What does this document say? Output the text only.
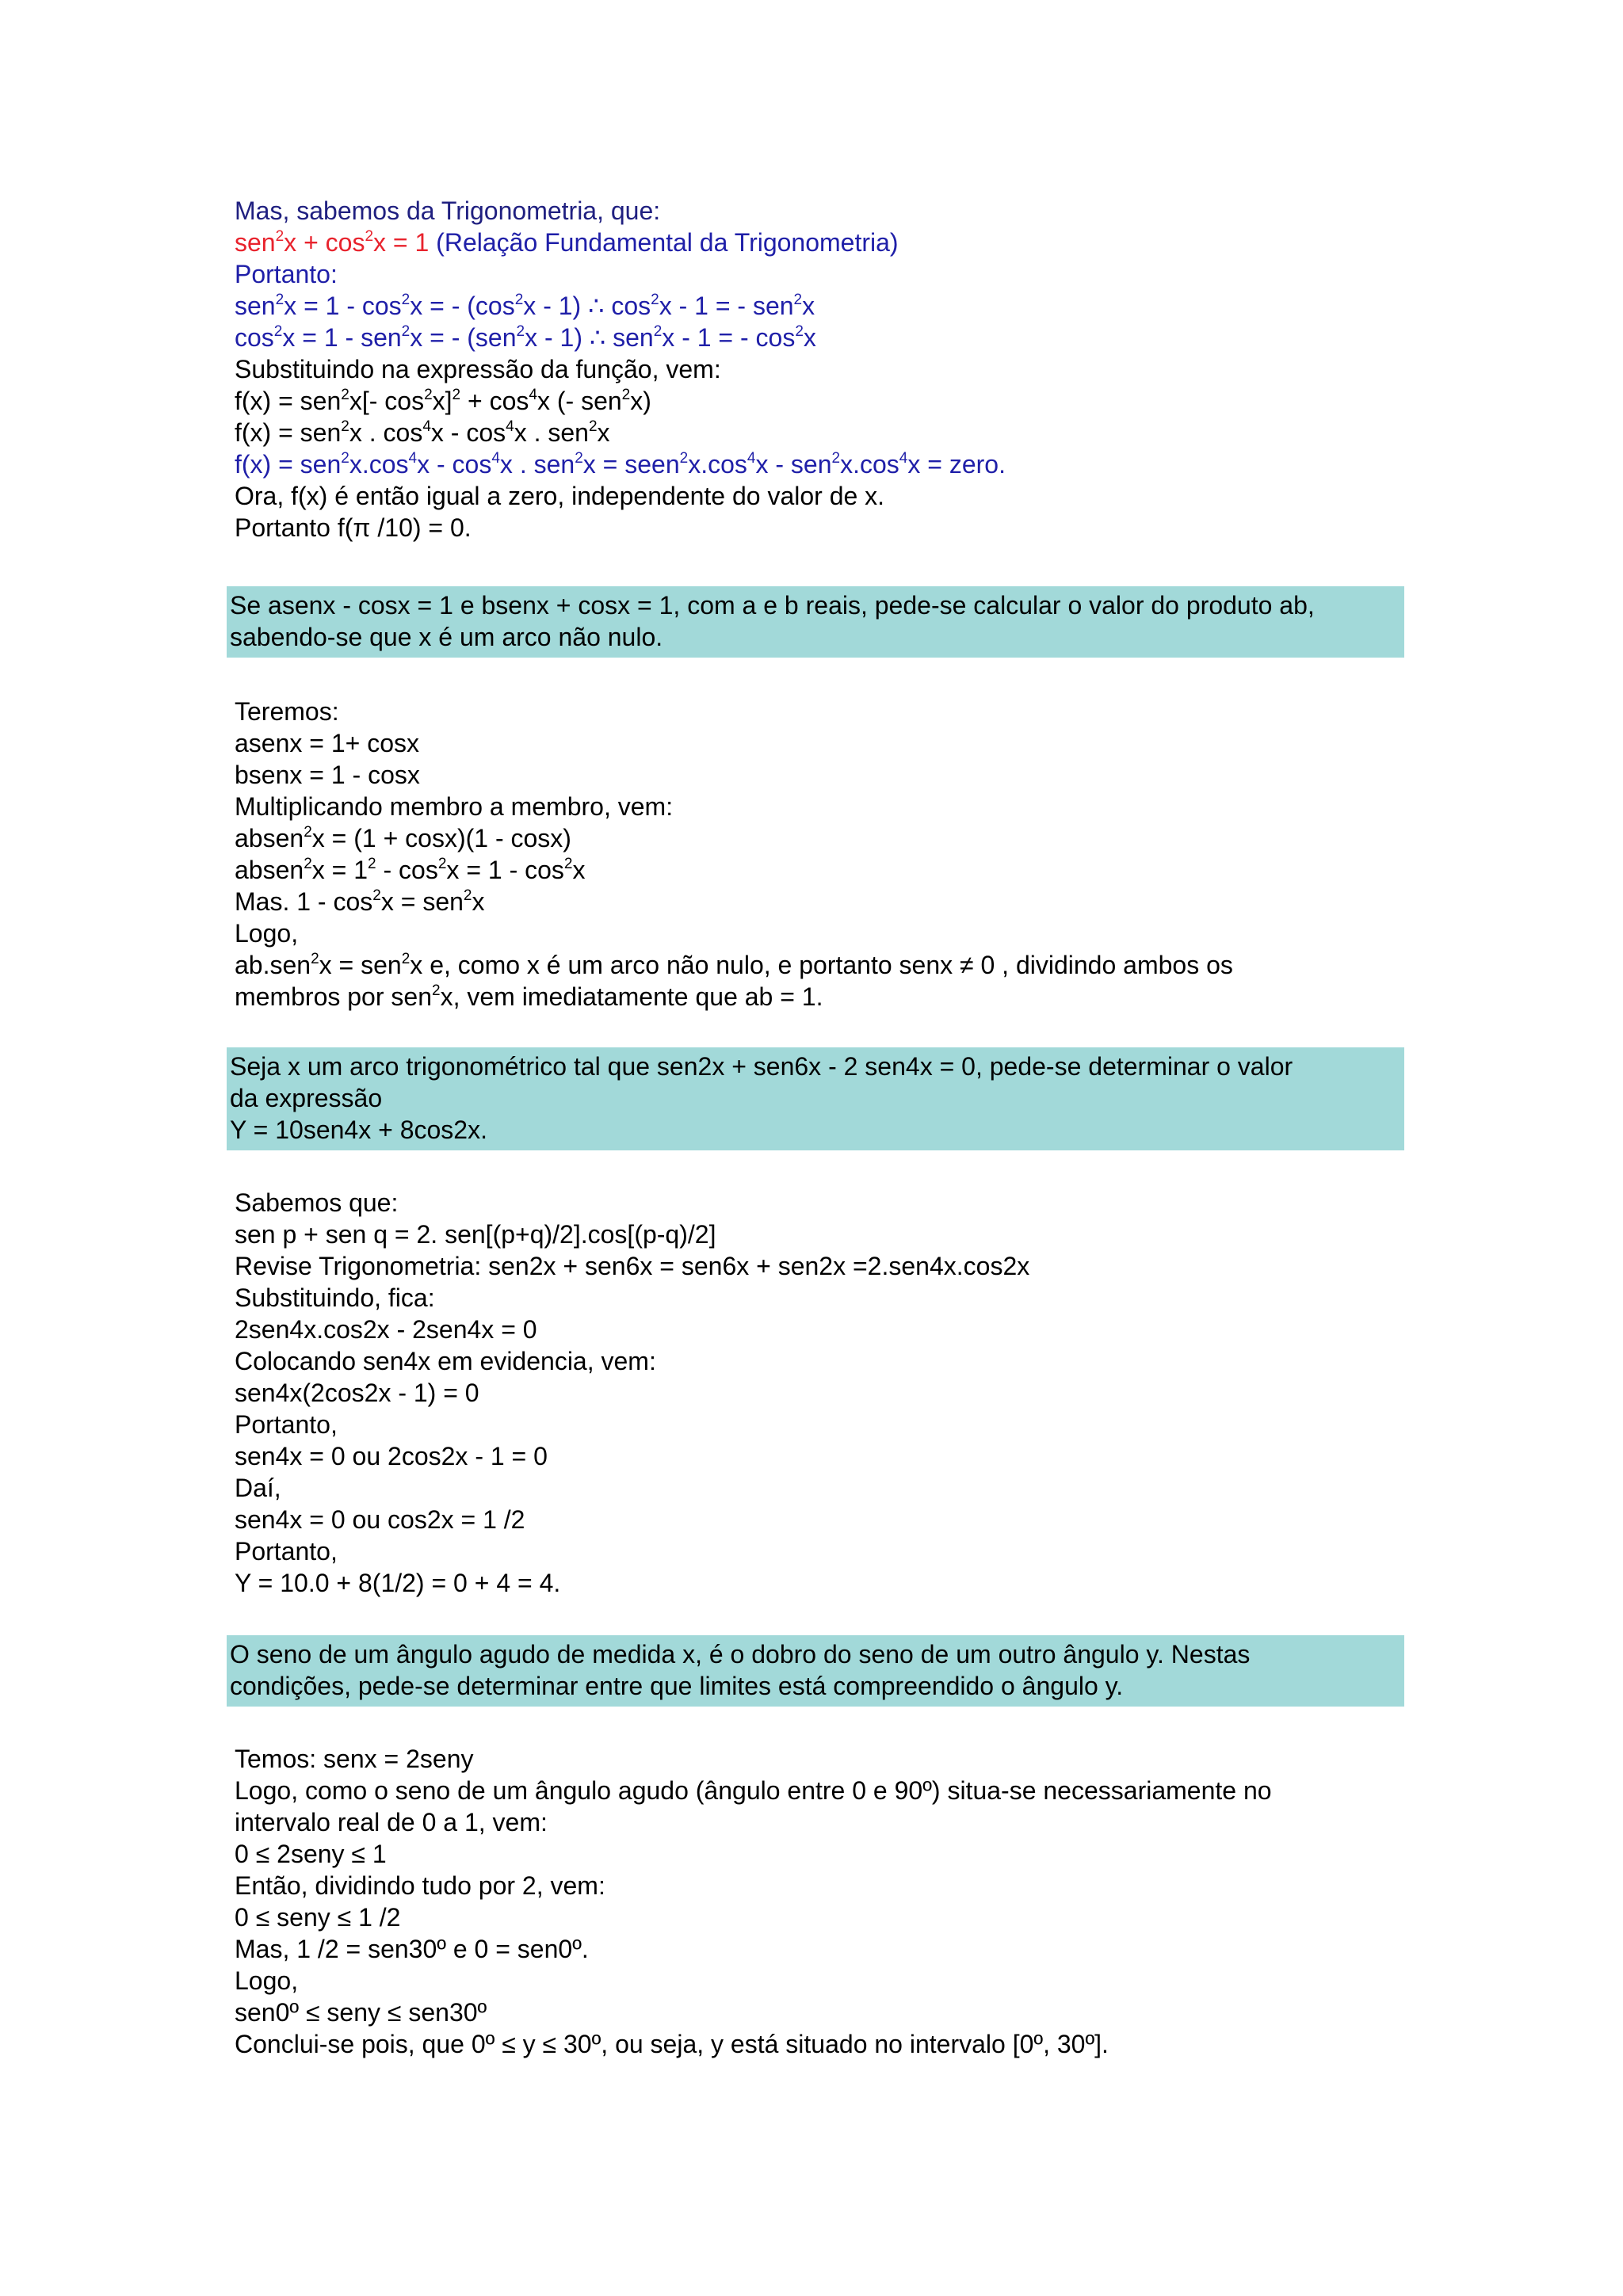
Mas, sabemos da Trigonometria, que:
$sen^2x + \cos^2x = 1$ (Relação Fundamental da Trigonometria)
Portanto:
$sen^2x = 1 - \cos^2x$ = - $(\cos^2x - 1)$ ∴ $\cos^2x - 1$ = - sen$^2$x
$\cos^2x = 1 - sen^2x$ = - (sen$^2$x - 1) ∴ sen$^2$x - 1 = - $\cos^2x$
Substituindo na expressão da função, vem:
f(x) = sen$^2$x[- $\cos^2x]^2 + \cos^4x$ (- sen$^2$x)
f(x) = sen$^2$x . $\cos^4x - \cos^4x$ . sen$^2$x
$f(x) = sen^2x.\cos^4x - \cos^4x$ . $sen^2x = seen^2x.\cos^4x - sen^2x.\cos^4x$ = zero.
Ora, f(x) é então igual a zero, independente do valor de x.
Portanto f(π /10) = 0.
Se asenx - cosx = 1 e bsenx + cosx = 1, com a e b reais, pede-se calcular o valor do produto ab, sabendo-se que x é um arco não nulo.
Teremos:
asenx = 1+ cosx
bsenx = 1 - cosx
Multiplicando membro a membro, vem:
absen$^2$x = (1 + cosx)(1 - cosx)
absen$^2$x = $1^2 - \cos^2x = 1 - \cos^2x$
Mas. $1 - \cos^2x = sen^2x$
Logo,
ab.sen$^2$x = sen$^2$x e, como x é um arco não nulo, e portanto senx ≠ 0 , dividindo ambos os
membros por sen$^2$x, vem imediatamente que ab = 1.
Seja x um arco trigonométrico tal que sen2x + sen6x - 2 sen4x = 0, pede-se determinar o valor
da expressão
Y = 10sen4x + 8cos2x.
Sabemos que:
sen p + sen q = 2. sen[(p+q)/2].cos[(p-q)/2]
Revise Trigonometria: sen2x + sen6x = sen6x + sen2x =2.sen4x.cos2x
Substituindo, fica:
2sen4x.cos2x - 2sen4x = 0
Colocando sen4x em evidencia, vem:
sen4x(2cos2x - 1) = 0
Portanto,
sen4x = 0 ou 2cos2x - 1 = 0
Daí,
sen4x = 0 ou cos2x = 1 /2
Portanto,
Y = 10.0 + 8(1/2) = 0 + 4 = 4.
O seno de um ângulo agudo de medida x, é o dobro do seno de um outro ângulo y. Nestas
condições, pede-se determinar entre que limites está compreendido o ângulo y.
Temos: senx = 2seny
Logo, como o seno de um ângulo agudo (ângulo entre 0 e 90º) situa-se necessariamente no
intervalo real de 0 a 1, vem:
0 ≤ 2seny ≤ 1
Então, dividindo tudo por 2, vem:
0 ≤ seny ≤ 1 /2
Mas, 1 /2 = sen30º e 0 = sen0º.
Logo,
sen0º ≤ seny ≤ sen30º
Conclui-se pois, que 0º ≤ y ≤ 30º, ou seja, y está situado no intervalo [0º, 30º].
